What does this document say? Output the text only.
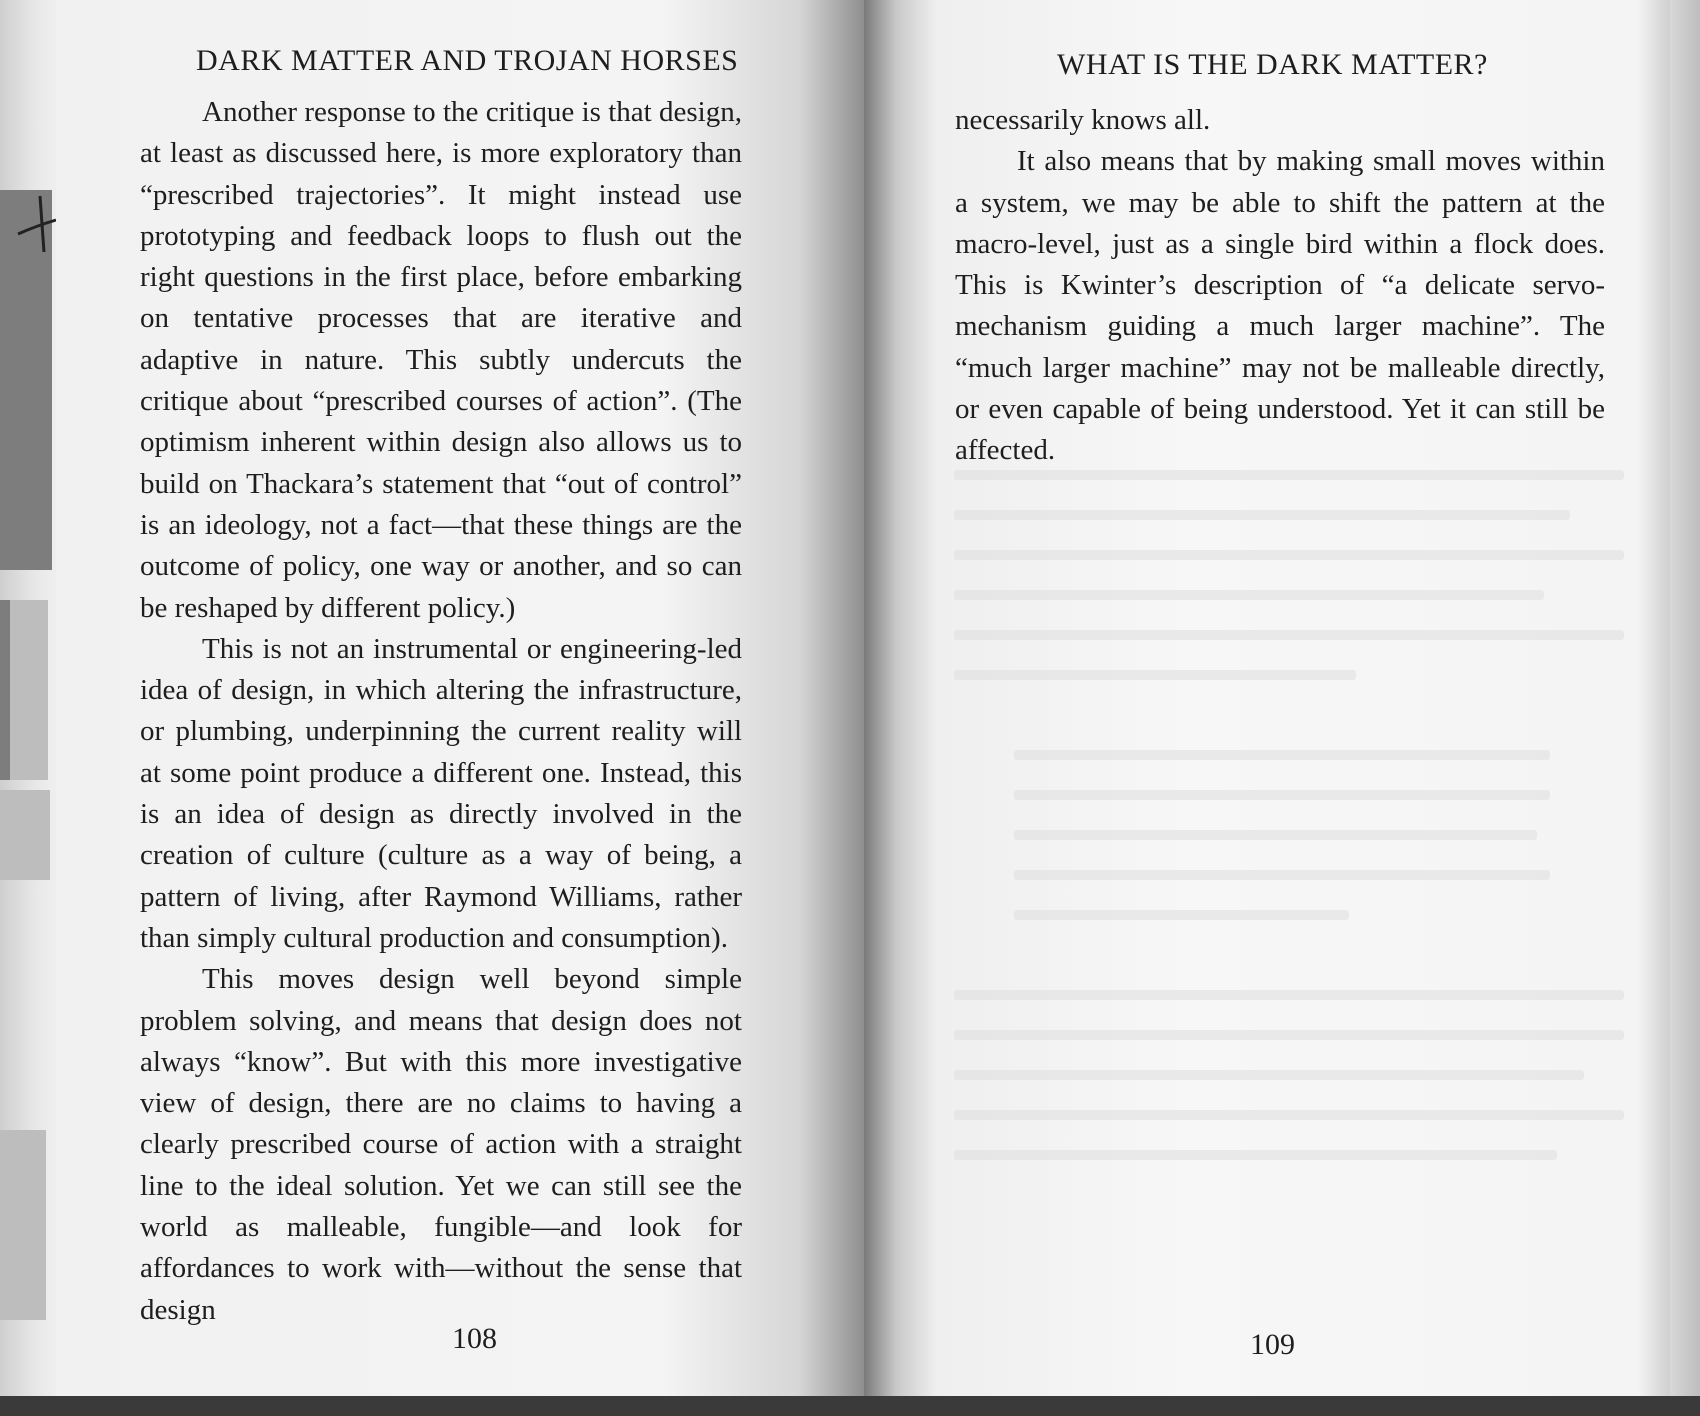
DARK MATTER AND TROJAN HORSES

Another response to the critique is that design, at least as discussed here, is more exploratory than “prescribed trajectories”. It might instead use prototyping and feedback loops to flush out the right questions in the first place, before embarking on tentative processes that are iterative and adaptive in nature. This subtly undercuts the critique about “prescribed courses of action”. (The optimism inherent within design also allows us to build on Thackara’s statement that “out of control” is an ideology, not a fact—that these things are the outcome of policy, one way or another, and so can be reshaped by different policy.)

This is not an instrumental or engineering-led idea of design, in which altering the infrastructure, or plumbing, underpinning the current reality will at some point produce a different one. Instead, this is an idea of design as directly involved in the creation of culture (culture as a way of being, a pattern of living, after Raymond Williams, rather than simply cultural production and consumption).

This moves design well beyond simple problem solving, and means that design does not always “know”. But with this more investigative view of design, there are no claims to having a clearly prescribed course of action with a straight line to the ideal solution. Yet we can still see the world as malleable, fungible—and look for affordances to work with—without the sense that design

108
WHAT IS THE DARK MATTER?

necessarily knows all.

It also means that by making small moves within a system, we may be able to shift the pattern at the macro-level, just as a single bird within a flock does. This is Kwinter’s description of “a delicate servo-mechanism guiding a much larger machine”. The “much larger machine” may not be malleable directly, or even capable of being understood. Yet it can still be affected.

109
